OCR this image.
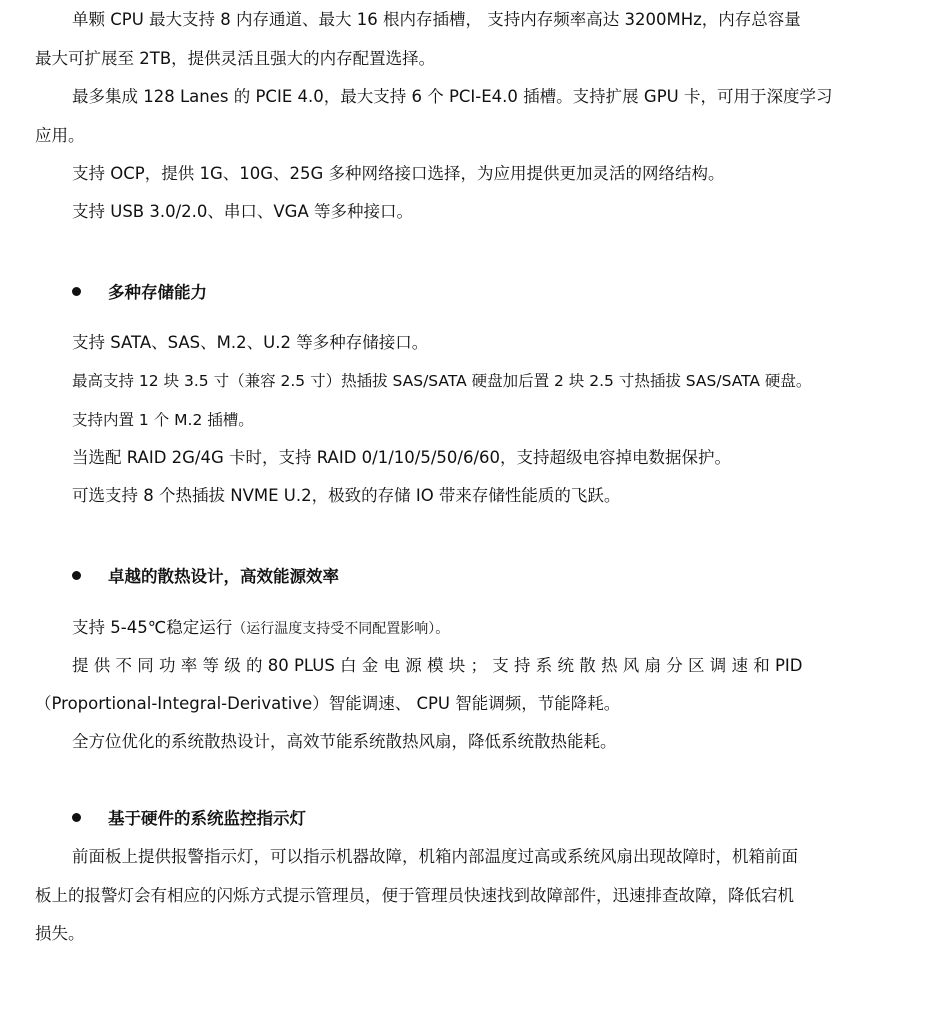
单颗 CPU 最大支持 8 内存通道、最大 16 根内存插槽， 支持内存频率高达 3200MHz，内存总容量
最大可扩展至 2TB，提供灵活且强大的内存配置选择。
最多集成 128 Lanes 的 PCIE 4.0，最大支持 6 个 PCI-E4.0 插槽。支持扩展 GPU 卡，可用于深度学习
应用。
支持 OCP，提供 1G、10G、25G 多种网络接口选择，为应用提供更加灵活的网络结构。
支持 USB 3.0/2.0、串口、VGA 等多种接口。
多种存储能力
支持 SATA、SAS、M.2、U.2 等多种存储接口。
最高支持 12 块 3.5 寸（兼容 2.5 寸）热插拔 SAS/SATA 硬盘加后置 2 块 2.5 寸热插拔 SAS/SATA 硬盘。
支持内置 1 个 M.2 插槽。
当选配 RAID 2G/4G 卡时，支持 RAID 0/1/10/5/50/6/60，支持超级电容掉电数据保护。
可选支持 8 个热插拔 NVME U.2，极致的存储 IO 带来存储性能质的飞跃。
卓越的散热设计，高效能源效率
支持 5-45℃稳定运行（运行温度支持受不同配置影响）。
提 供 不 同 功 率 等 级 的 80 PLUS 白 金 电 源 模 块 ； 支 持 系 统 散 热 风 扇 分 区 调 速 和 PID
（Proportional-Integral-Derivative）智能调速、 CPU 智能调频，节能降耗。
全方位优化的系统散热设计，高效节能系统散热风扇，降低系统散热能耗。
基于硬件的系统监控指示灯
前面板上提供报警指示灯，可以指示机器故障，机箱内部温度过高或系统风扇出现故障时，机箱前面
板上的报警灯会有相应的闪烁方式提示管理员，便于管理员快速找到故障部件，迅速排查故障，降低宕机
损失。
